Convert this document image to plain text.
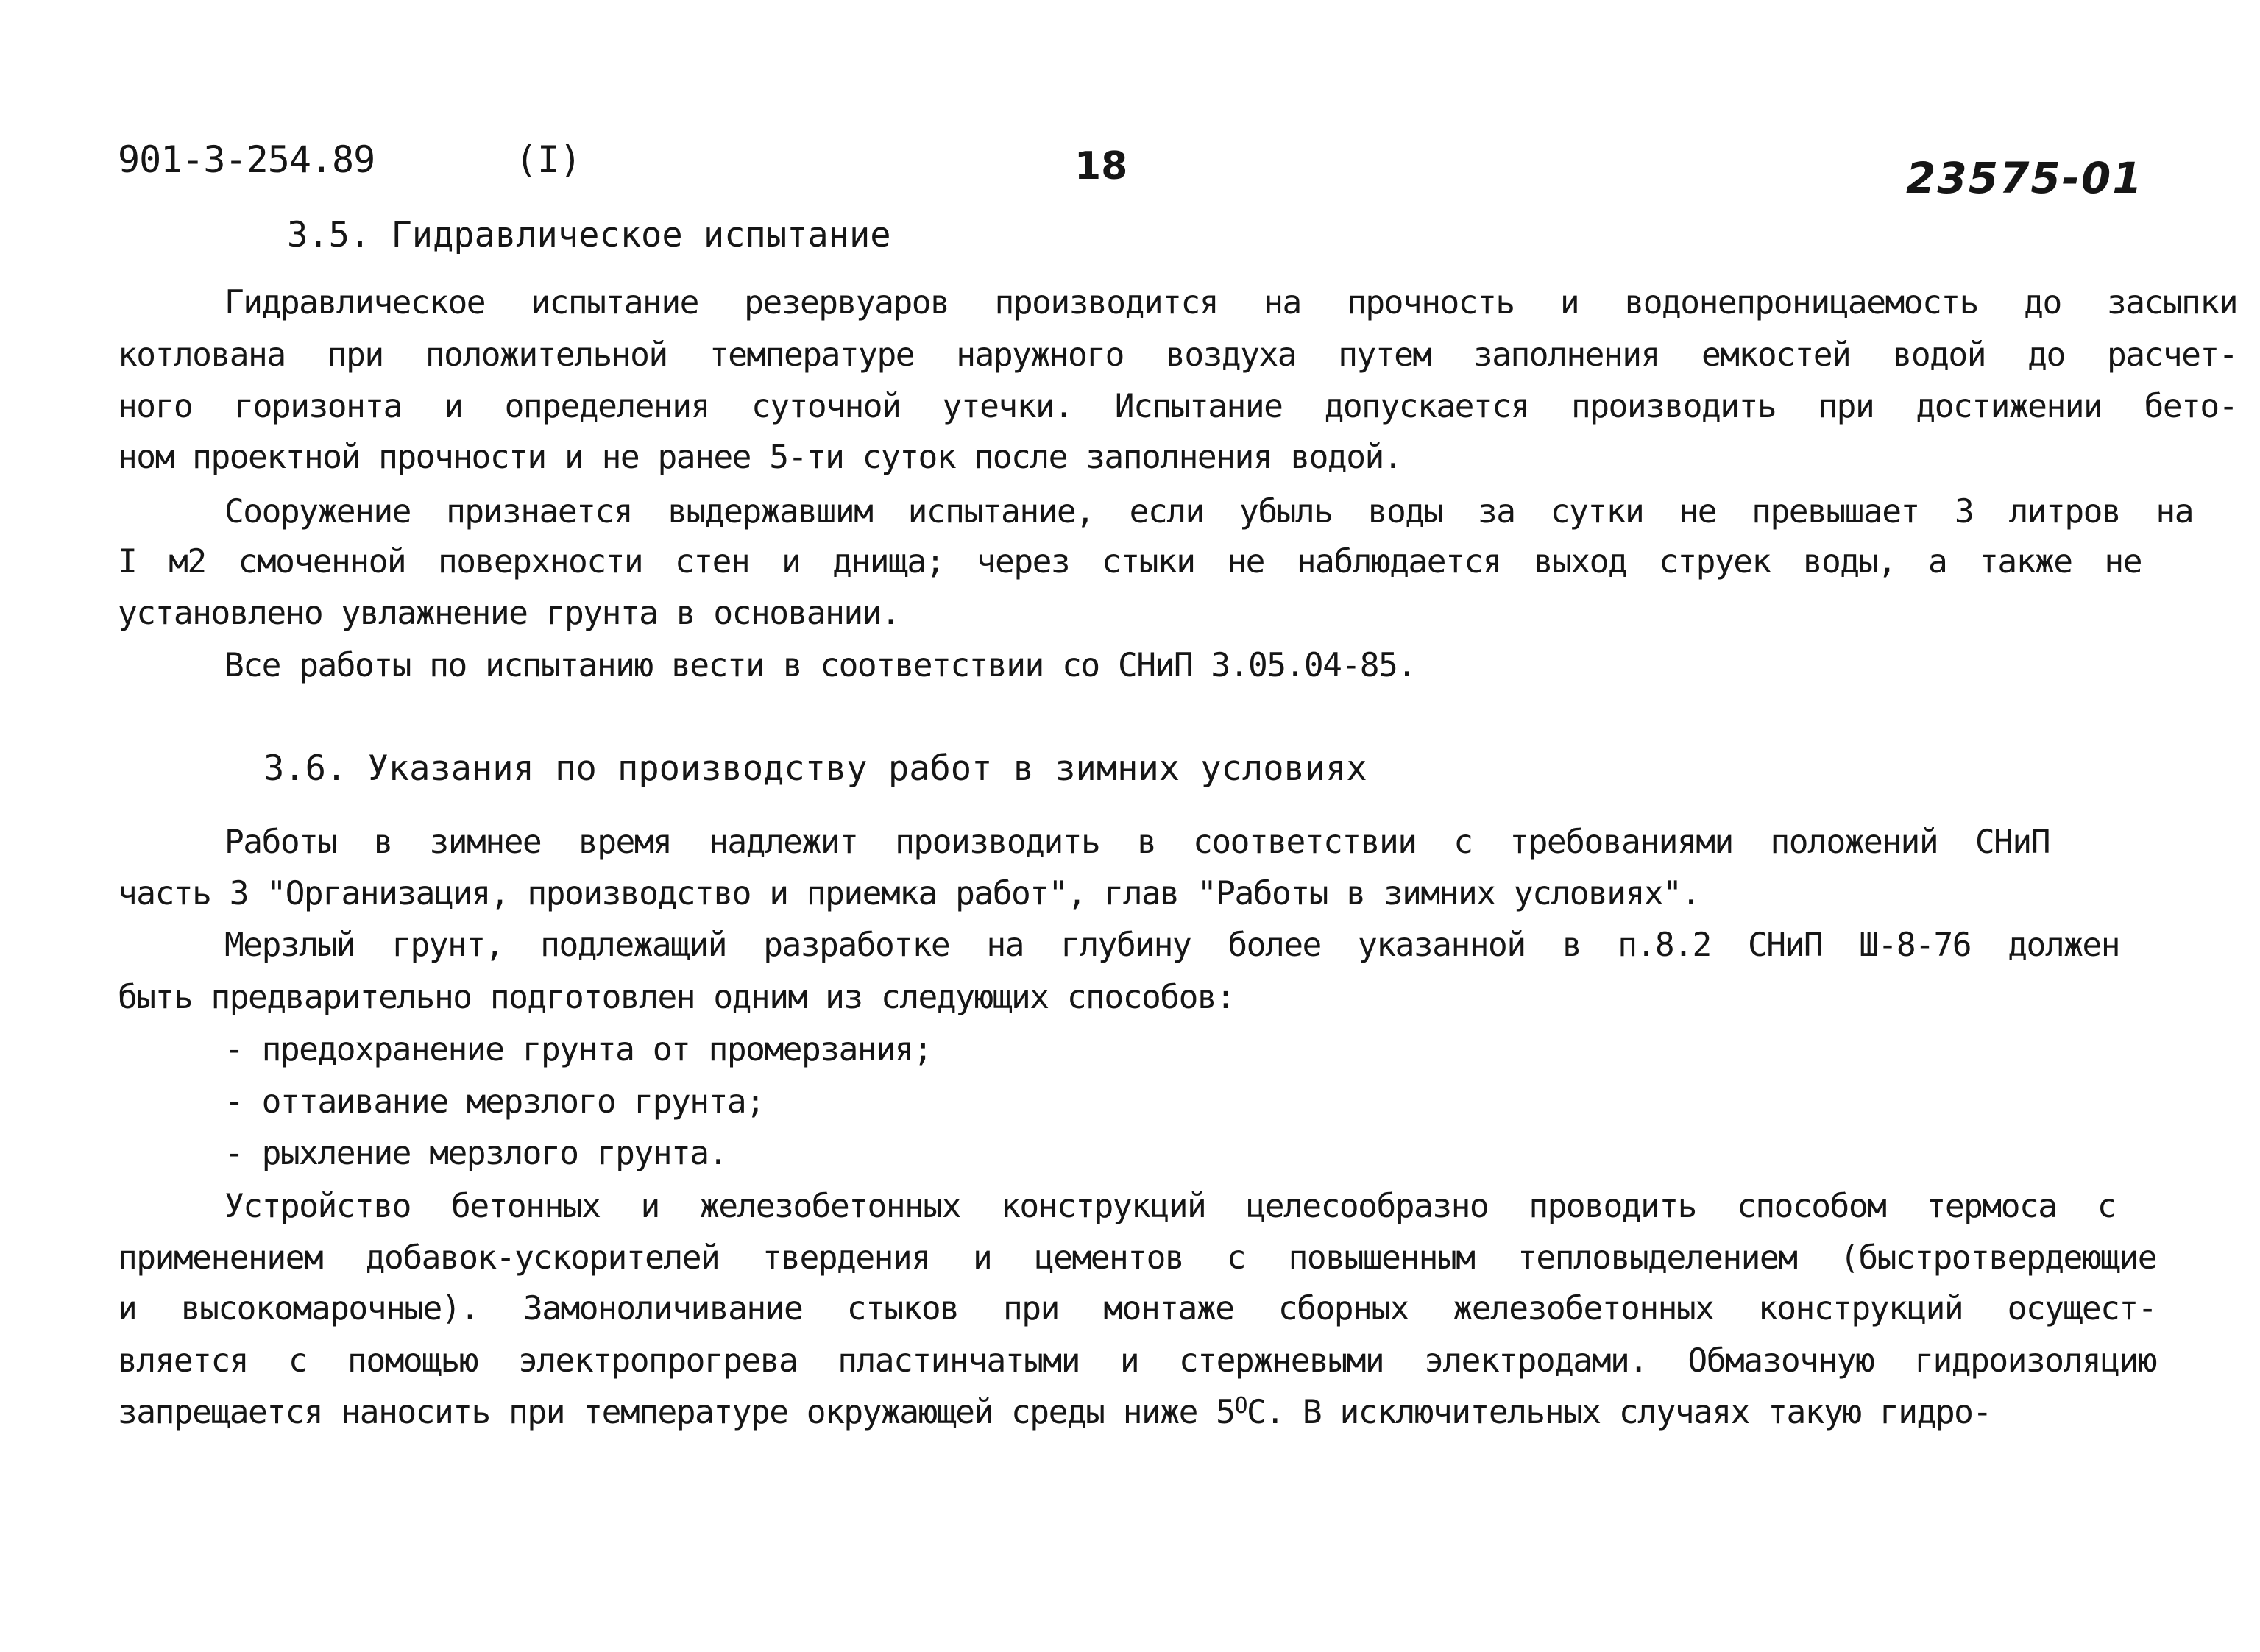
901-3-254.89	(I)	18	23575-01
3.5. Гидравлическое испытание
Гидравлическое испытание резервуаров производится на прочность и водонепроницаемость до засыпки
котлована при положительной температуре наружного воздуха путем заполнения емкостей водой до расчет-
ного горизонта и определения суточной утечки. Испытание допускается производить при достижении бето-
ном проектной прочности и не ранее 5-ти суток после заполнения водой.
Сооружение признается выдержавшим испытание, если убыль воды за сутки не превышает 3 литров на
I м2 смоченной поверхности стен и днища; через стыки не наблюдается выход струек воды, а также не
установлено увлажнение грунта в основании.
Все работы по испытанию вести в соответствии со СНиП 3.05.04-85.
3.6. Указания по производству работ в зимних условиях
Работы в зимнее время надлежит производить в соответствии с требованиями положений СНиП
часть 3 "Организация, производство и приемка работ", глав "Работы в зимних условиях".
Мерзлый грунт, подлежащий разработке на глубину более указанной в п.8.2 СНиП Ш-8-76 должен
быть предварительно подготовлен одним из следующих способов:
- предохранение грунта от промерзания;
- оттаивание мерзлого грунта;
- рыхление мерзлого грунта.
Устройство бетонных и железобетонных конструкций целесообразно проводить способом термоса с
применением добавок-ускорителей твердения и цементов с повышенным тепловыделением (быстротвердеющие
и высокомарочные). Замоноличивание стыков при монтаже сборных железобетонных конструкций осущест-
вляется с помощью электропрогрева пластинчатыми и стержневыми электродами. Обмазочную гидроизоляцию
запрещается наносить при температуре окружающей среды ниже $5^OС$. В исключительных случаях такую гидро-
